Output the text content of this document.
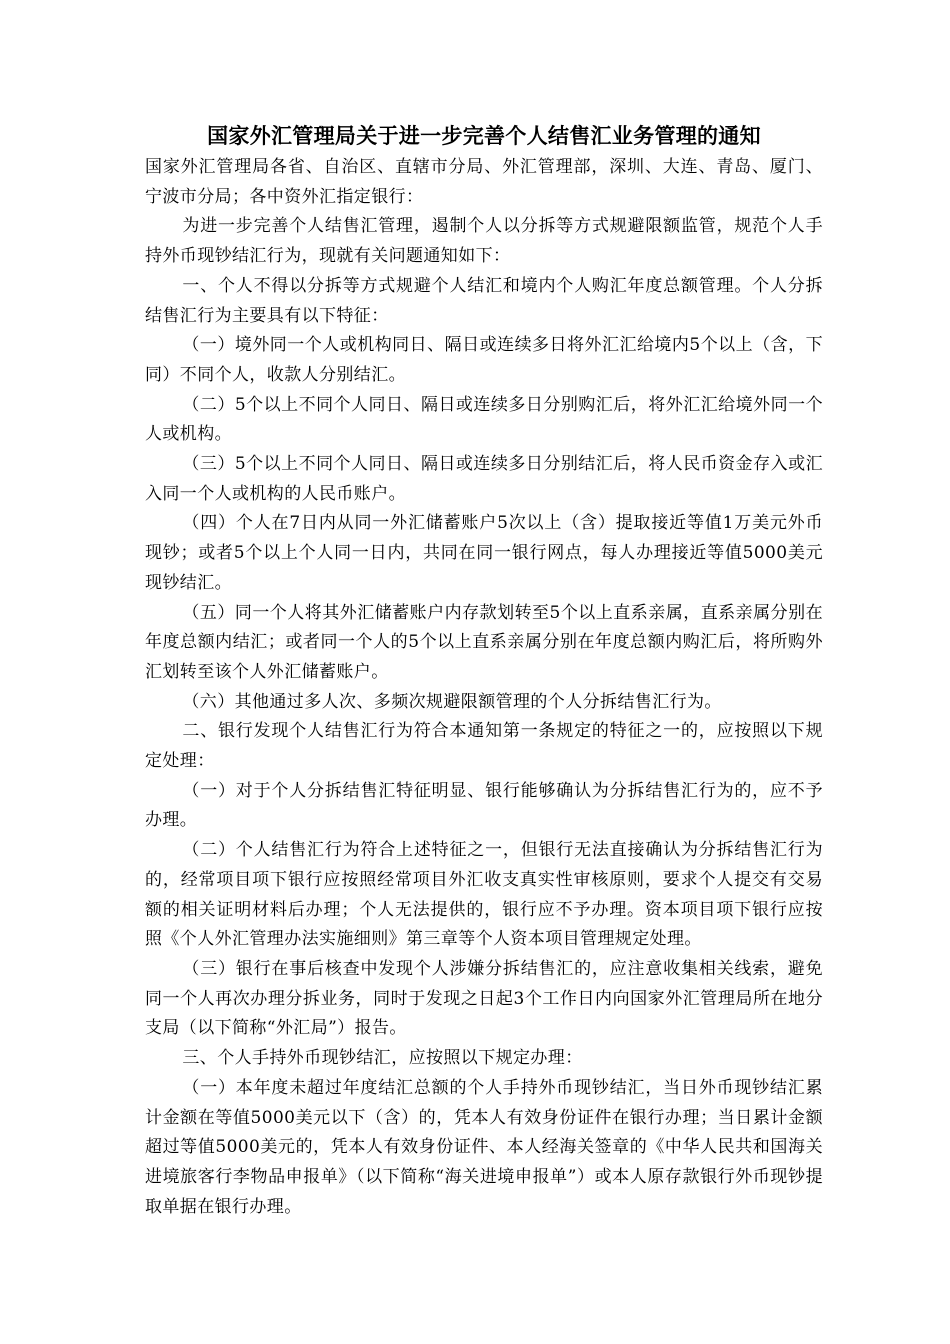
国家外汇管理局关于进一步完善个人结售汇业务管理的通知

国家外汇管理局各省、自治区、直辖市分局、外汇管理部，深圳、大连、青岛、厦门、宁波市分局；各中资外汇指定银行：

为进一步完善个人结售汇管理，遏制个人以分拆等方式规避限额监管，规范个人手持外币现钞结汇行为，现就有关问题通知如下：

一、个人不得以分拆等方式规避个人结汇和境内个人购汇年度总额管理。个人分拆结售汇行为主要具有以下特征：

（一）境外同一个人或机构同日、隔日或连续多日将外汇汇给境内5个以上（含，下同）不同个人，收款人分别结汇。

（二）5个以上不同个人同日、隔日或连续多日分别购汇后，将外汇汇给境外同一个人或机构。

（三）5个以上不同个人同日、隔日或连续多日分别结汇后，将人民币资金存入或汇入同一个人或机构的人民币账户。

（四）个人在7日内从同一外汇储蓄账户5次以上（含）提取接近等值1万美元外币现钞；或者5个以上个人同一日内，共同在同一银行网点，每人办理接近等值5000美元现钞结汇。

（五）同一个人将其外汇储蓄账户内存款划转至5个以上直系亲属，直系亲属分别在年度总额内结汇；或者同一个人的5个以上直系亲属分别在年度总额内购汇后，将所购外汇划转至该个人外汇储蓄账户。

（六）其他通过多人次、多频次规避限额管理的个人分拆结售汇行为。

二、银行发现个人结售汇行为符合本通知第一条规定的特征之一的，应按照以下规定处理：

（一）对于个人分拆结售汇特征明显、银行能够确认为分拆结售汇行为的，应不予办理。

（二）个人结售汇行为符合上述特征之一，但银行无法直接确认为分拆结售汇行为的，经常项目项下银行应按照经常项目外汇收支真实性审核原则，要求个人提交有交易额的相关证明材料后办理；个人无法提供的，银行应不予办理。资本项目项下银行应按照《个人外汇管理办法实施细则》第三章等个人资本项目管理规定处理。

（三）银行在事后核查中发现个人涉嫌分拆结售汇的，应注意收集相关线索，避免同一个人再次办理分拆业务，同时于发现之日起3个工作日内向国家外汇管理局所在地分支局（以下简称“外汇局”）报告。

三、个人手持外币现钞结汇，应按照以下规定办理：

（一）本年度未超过年度结汇总额的个人手持外币现钞结汇，当日外币现钞结汇累计金额在等值5000美元以下（含）的，凭本人有效身份证件在银行办理；当日累计金额超过等值5000美元的，凭本人有效身份证件、本人经海关签章的《中华人民共和国海关进境旅客行李物品申报单》（以下简称“海关进境申报单”）或本人原存款银行外币现钞提取单据在银行办理。
